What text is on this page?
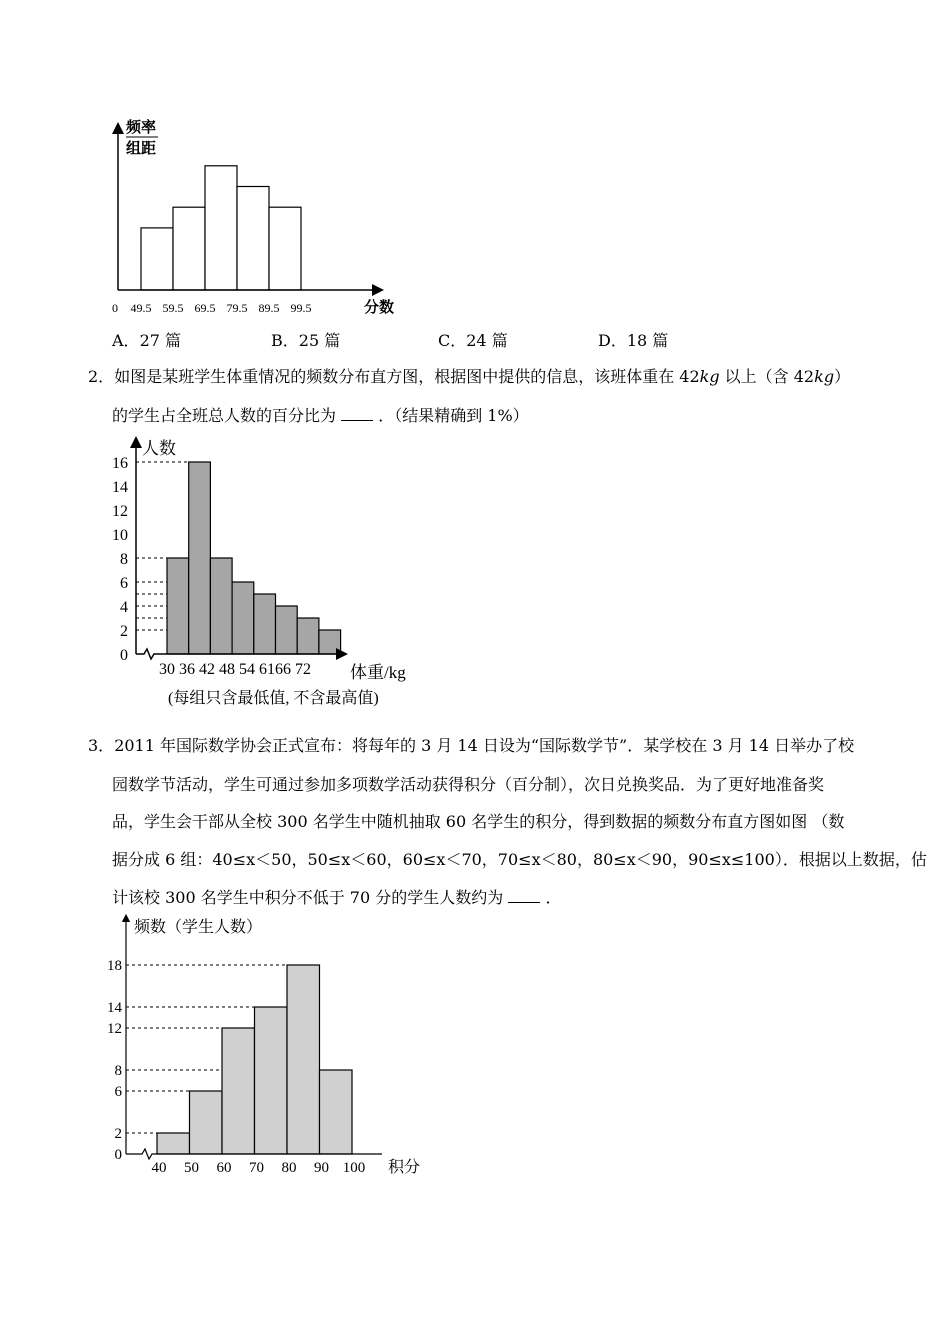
频率
组距
0 49.5 59.5 69.5 79.5 89.5 99.5	分数
A．27 篇	B．25 篇	C．24 篇	D．18 篇
2．如图是某班学生体重情况的频数分布直方图，根据图中提供的信息，该班体重在 42kg 以上（含 42kg）
的学生占全班总人数的百分比为	．（结果精确到 1%）
人数
0
2
4
6
8
10
12
14
16
30 36 42 48 54 6166 72 体重/kg
(每组只含最低值, 不含最高值)
3．2011 年国际数学协会正式宣布：将每年的 3 月 14 日设为“国际数学节”．某学校在 3 月 14 日举办了校
园数学节活动，学生可通过参加多项数学活动获得积分（百分制），次日兑换奖品．为了更好地准备奖
品，学生会干部从全校 300 名学生中随机抽取 60 名学生的积分，得到数据的频数分布直方图如图 （数
据分成 6 组：40≤x＜50，50≤x＜60，60≤x＜70，70≤x＜80，80≤x＜90，90≤x≤100）．根据以上数据，估
计该校 300 名学生中积分不低于 70 分的学生人数约为	．
频数（学生人数）
0
2
6
8
12
14
18
40 50 60 70 80 90 100 积分
